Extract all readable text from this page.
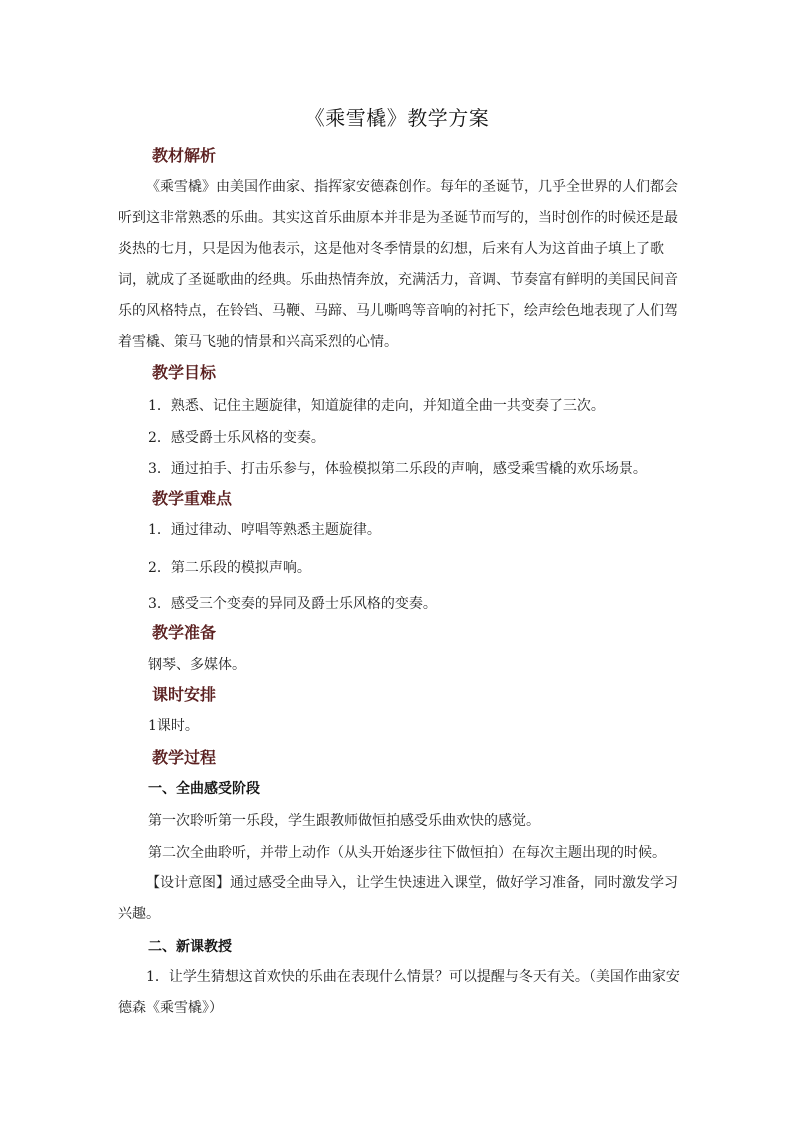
《乘雪橇》教学方案
教材解析
《乘雪橇》由美国作曲家、指挥家安德森创作。每年的圣诞节，几乎全世界的人们都会听到这非常熟悉的乐曲。其实这首乐曲原本并非是为圣诞节而写的，当时创作的时候还是最炎热的七月，只是因为他表示，这是他对冬季情景的幻想，后来有人为这首曲子填上了歌词，就成了圣诞歌曲的经典。乐曲热情奔放，充满活力，音调、节奏富有鲜明的美国民间音乐的风格特点，在铃铛、马鞭、马蹄、马儿嘶鸣等音响的衬托下，绘声绘色地表现了人们驾着雪橇、策马飞驰的情景和兴高采烈的心情。
教学目标
1．熟悉、记住主题旋律，知道旋律的走向，并知道全曲一共变奏了三次。
2．感受爵士乐风格的变奏。
3．通过拍手、打击乐参与，体验模拟第二乐段的声响，感受乘雪橇的欢乐场景。
教学重难点
1．通过律动、哼唱等熟悉主题旋律。
2．第二乐段的模拟声响。
3．感受三个变奏的异同及爵士乐风格的变奏。
教学准备
钢琴、多媒体。
课时安排
1课时。
教学过程
一、全曲感受阶段
第一次聆听第一乐段，学生跟教师做恒拍感受乐曲欢快的感觉。
第二次全曲聆听，并带上动作（从头开始逐步往下做恒拍）在每次主题出现的时候。
【设计意图】通过感受全曲导入，让学生快速进入课堂，做好学习准备，同时激发学习兴趣。
二、新课教授
1．让学生猜想这首欢快的乐曲在表现什么情景？可以提醒与冬天有关。（美国作曲家安德森《乘雪橇》）
